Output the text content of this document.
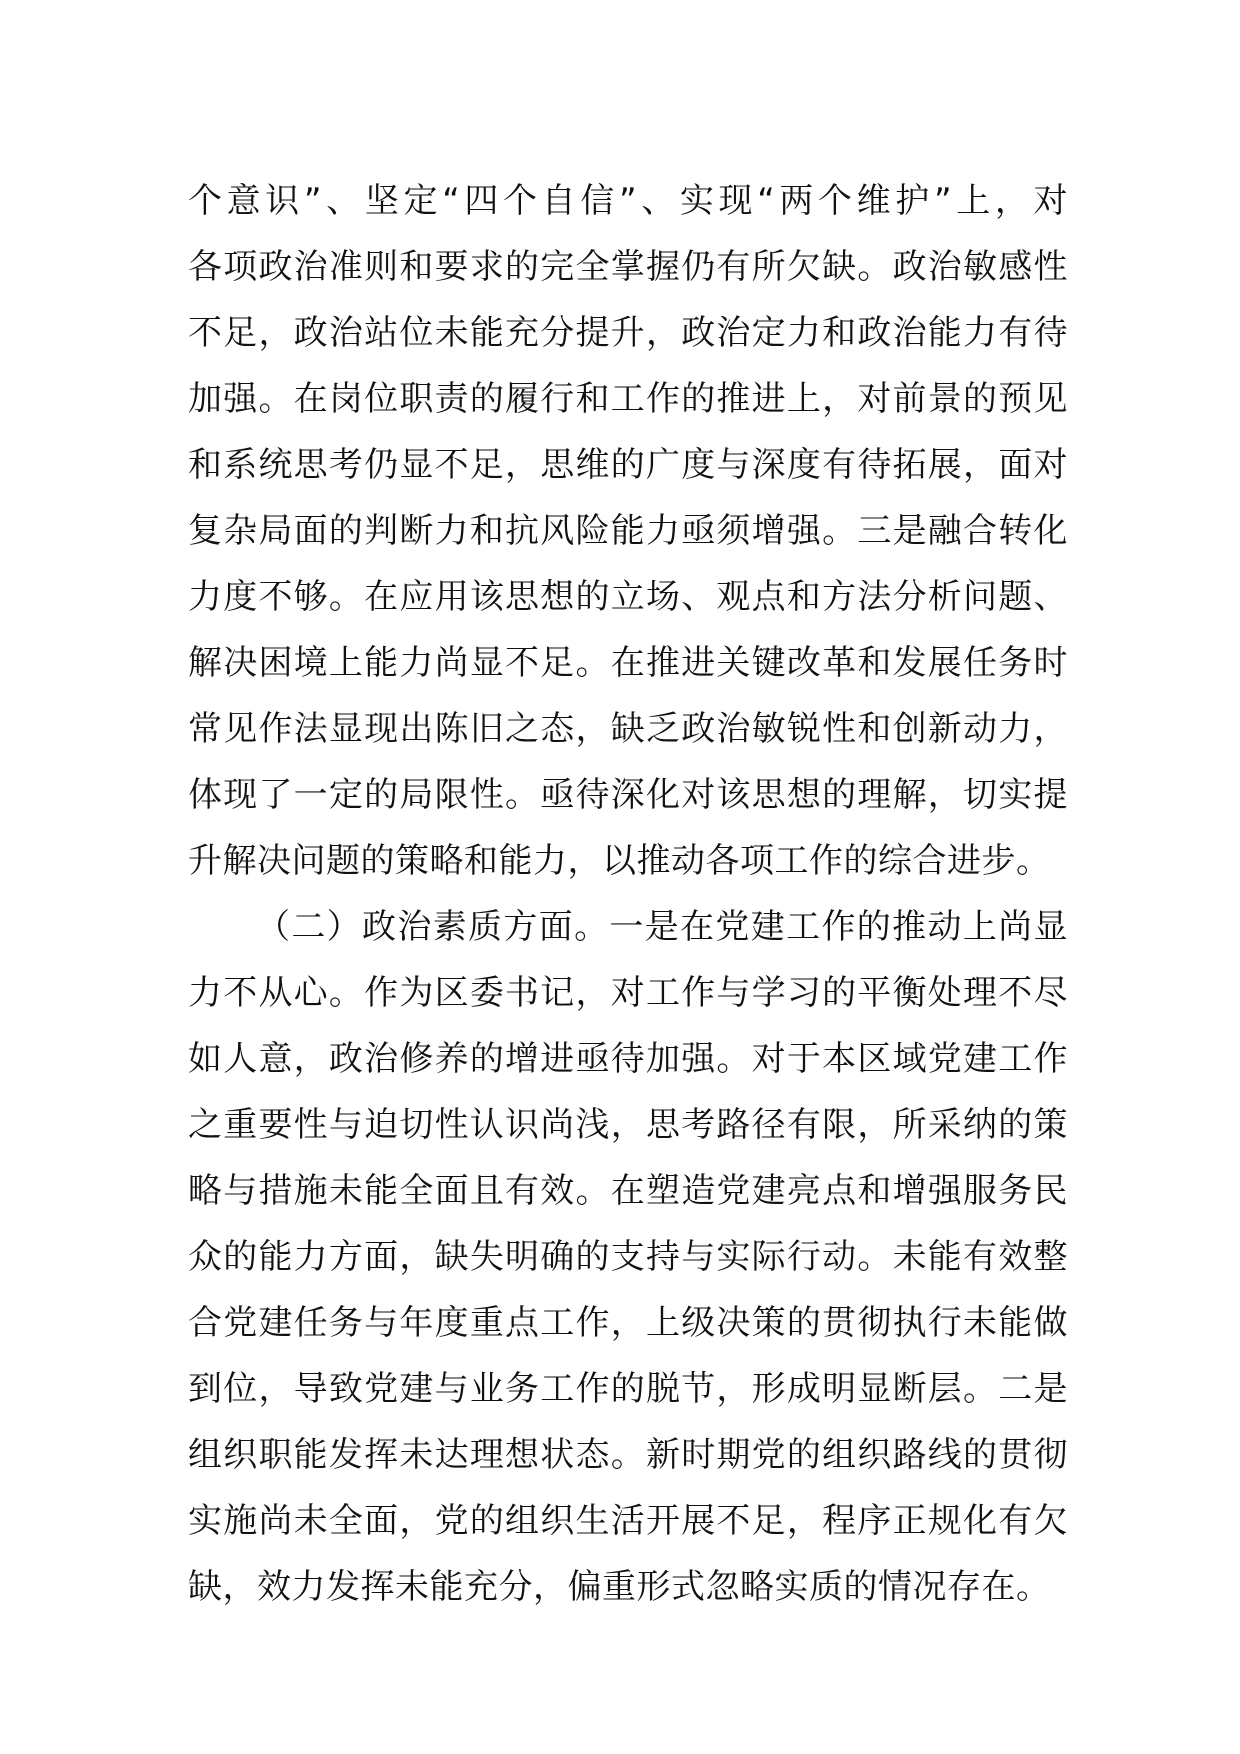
个意识”、坚定“四个自信”、实现“两个维护”上，对
各项政治准则和要求的完全掌握仍有所欠缺。政治敏感性
不足，政治站位未能充分提升，政治定力和政治能力有待
加强。在岗位职责的履行和工作的推进上，对前景的预见
和系统思考仍显不足，思维的广度与深度有待拓展，面对
复杂局面的判断力和抗风险能力亟须增强。三是融合转化
力度不够。在应用该思想的立场、观点和方法分析问题、
解决困境上能力尚显不足。在推进关键改革和发展任务时
常见作法显现出陈旧之态，缺乏政治敏锐性和创新动力，
体现了一定的局限性。亟待深化对该思想的理解，切实提
升解决问题的策略和能力，以推动各项工作的综合进步。
（二）政治素质方面。一是在党建工作的推动上尚显
力不从心。作为区委书记，对工作与学习的平衡处理不尽
如人意，政治修养的增进亟待加强。对于本区域党建工作
之重要性与迫切性认识尚浅，思考路径有限，所采纳的策
略与措施未能全面且有效。在塑造党建亮点和增强服务民
众的能力方面，缺失明确的支持与实际行动。未能有效整
合党建任务与年度重点工作，上级决策的贯彻执行未能做
到位，导致党建与业务工作的脱节，形成明显断层。二是
组织职能发挥未达理想状态。新时期党的组织路线的贯彻
实施尚未全面，党的组织生活开展不足，程序正规化有欠
缺，效力发挥未能充分，偏重形式忽略实质的情况存在。
